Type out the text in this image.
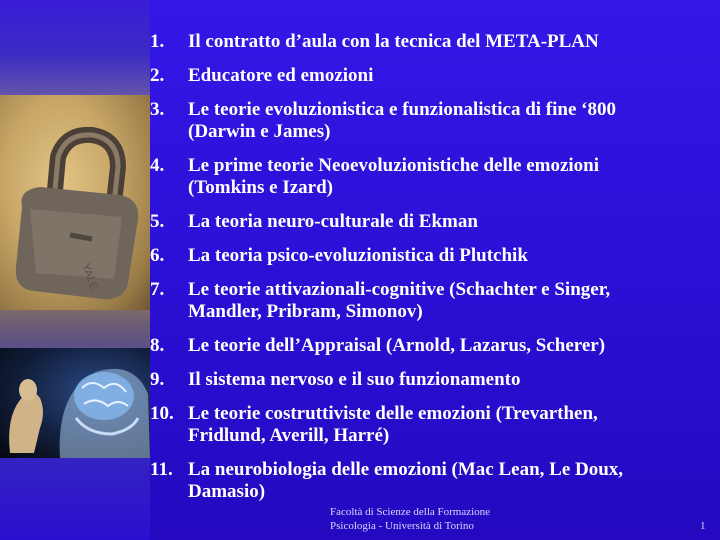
YALE
1. Il contratto d’aula con la tecnica del META-PLAN
2. Educatore ed emozioni
3. Le teorie evoluzionistica e funzionalistica di fine ‘800
(Darwin e James)
4. Le prime teorie Neoevoluzionistiche delle emozioni
(Tomkins e Izard)
5. La teoria neuro-culturale di Ekman
6. La teoria psico-evoluzionistica di Plutchik
7. Le teorie attivazionali-cognitive (Schachter e Singer,
Mandler, Pribram, Simonov)
8. Le teorie dell’Appraisal (Arnold, Lazarus, Scherer)
9. Il sistema nervoso e il suo funzionamento
10. Le teorie costruttiviste delle emozioni (Trevarthen,
Fridlund, Averill, Harré)
11. La neurobiologia delle emozioni (Mac Lean, Le Doux,
Damasio)
Facoltà di Scienze della Formazione
Psicologia - Università di Torino	1
